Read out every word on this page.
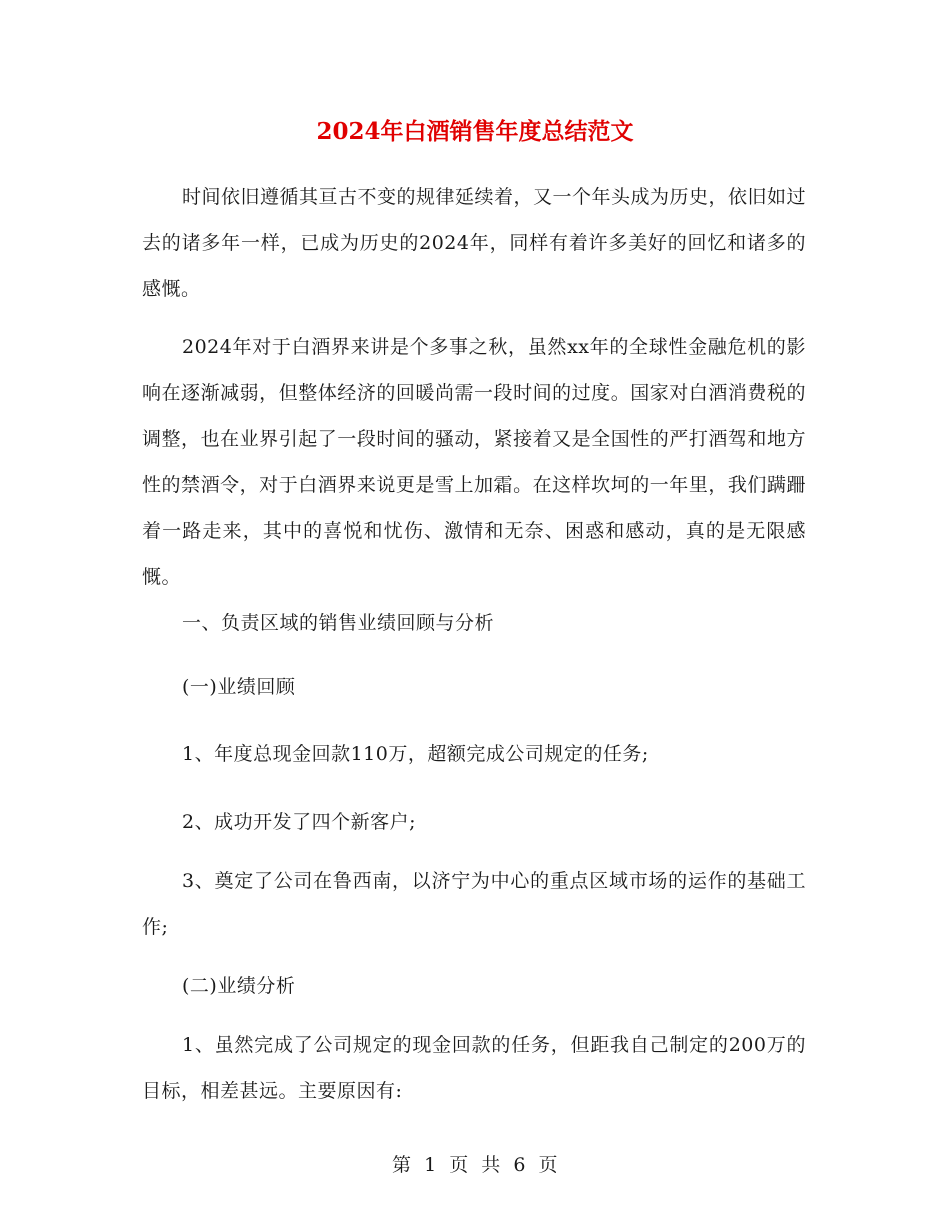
2024年白酒销售年度总结范文

时间依旧遵循其亘古不变的规律延续着，又一个年头成为历史，依旧如过去的诸多年一样，已成为历史的2024年，同样有着许多美好的回忆和诸多的感慨。

2024年对于白酒界来讲是个多事之秋，虽然xx年的全球性金融危机的影响在逐渐减弱，但整体经济的回暖尚需一段时间的过度。国家对白酒消费税的调整，也在业界引起了一段时间的骚动，紧接着又是全国性的严打酒驾和地方性的禁酒令，对于白酒界来说更是雪上加霜。在这样坎坷的一年里，我们蹒跚着一路走来，其中的喜悦和忧伤、激情和无奈、困惑和感动，真的是无限感慨。

一、负责区域的销售业绩回顾与分析

(一)业绩回顾

1、年度总现金回款110万，超额完成公司规定的任务;

2、成功开发了四个新客户;

3、奠定了公司在鲁西南，以济宁为中心的重点区域市场的运作的基础工作;

(二)业绩分析

1、虽然完成了公司规定的现金回款的任务，但距我自己制定的200万的目标，相差甚远。主要原因有:

第 1 页 共 6 页
